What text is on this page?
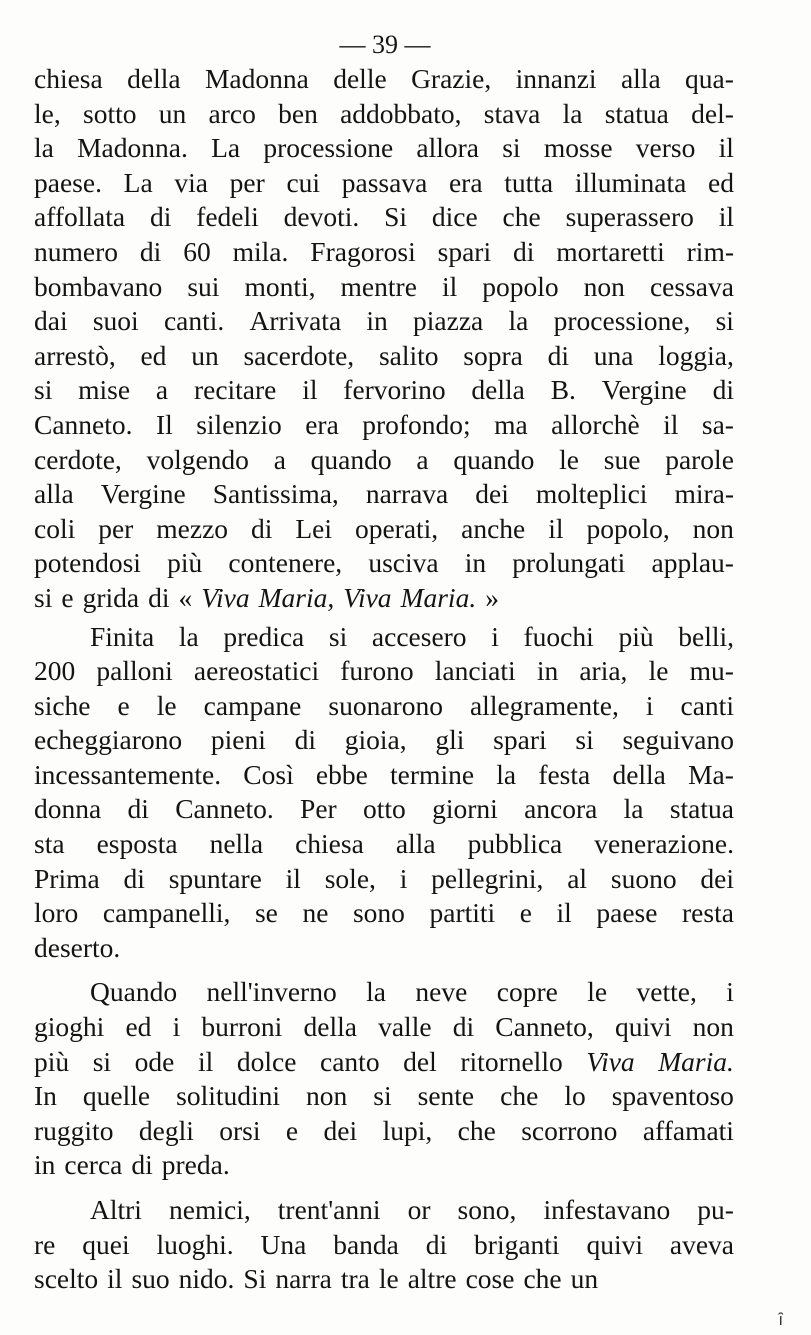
— 39 —
chiesa della Madonna delle Grazie, innanzi alla qua-
le, sotto un arco ben addobbato, stava la statua del-
la Madonna. La processione allora si mosse verso il
paese. La via per cui passava era tutta illuminata ed
affollata di fedeli devoti. Si dice che superassero il
numero di 60 mila. Fragorosi spari di mortaretti rim-
bombavano sui monti, mentre il popolo non cessava
dai suoi canti. Arrivata in piazza la processione, si
arrestò, ed un sacerdote, salito sopra di una loggia,
si mise a recitare il fervorino della B. Vergine di
Canneto. Il silenzio era profondo; ma allorchè il sa-
cerdote, volgendo a quando a quando le sue parole
alla Vergine Santissima, narrava dei molteplici mira-
coli per mezzo di Lei operati, anche il popolo, non
potendosi più contenere, usciva in prolungati applau-
si e grida di « Viva Maria, Viva Maria. »
Finita la predica si accesero i fuochi più belli,
200 palloni aereostatici furono lanciati in aria, le mu-
siche e le campane suonarono allegramente, i canti
echeggiarono pieni di gioia, gli spari si seguivano
incessantemente. Così ebbe termine la festa della Ma-
donna di Canneto. Per otto giorni ancora la statua
sta esposta nella chiesa alla pubblica venerazione.
Prima di spuntare il sole, i pellegrini, al suono dei
loro campanelli, se ne sono partiti e il paese resta
deserto.
Quando nell'inverno la neve copre le vette, i
gioghi ed i burroni della valle di Canneto, quivi non
più si ode il dolce canto del ritornello Viva Maria.
In quelle solitudini non si sente che lo spaventoso
ruggito degli orsi e dei lupi, che scorrono affamati
in cerca di preda.
Altri nemici, trent'anni or sono, infestavano pu-
re quei luoghi. Una banda di briganti quivi aveva
scelto il suo nido. Si narra tra le altre cose che un
ȋ
